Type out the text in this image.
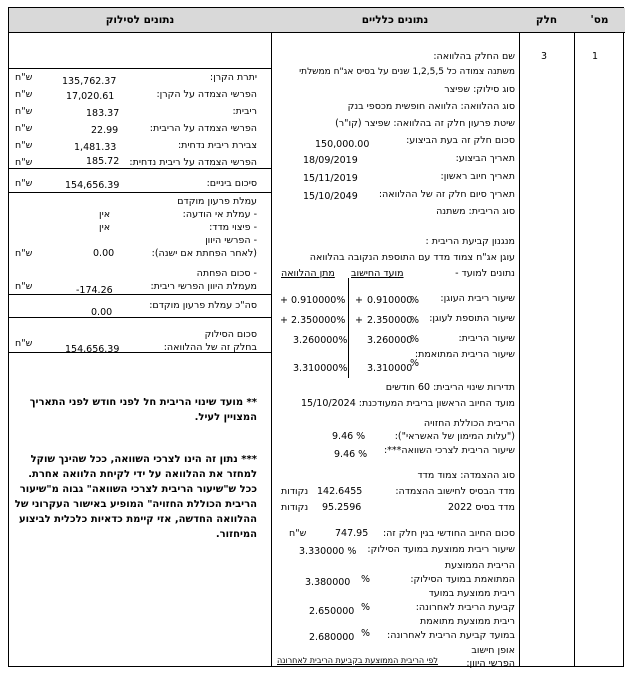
מס'
חלק
נתונים כלליים
נתונים לסילוק
1
3
שם החלק בהלוואה:
משתנה צמודה כל 1,2,5,5 שנים על בסיס אג"ח ממשלתי
סוג סילוק: שפיצר
סוג ההלוואה: הלוואה חופשית מכספי בנק
שיטת פרעון חלק זה בהלוואה: שפיצר (קו"ר)
סכום חלק זה בעת הביצוע:
150,000.00
תאריך הביצוע:
18/09/2019
תאריך חיוב ראשון:
15/11/2019
תאריך סיום חלק זה של ההלוואה:
15/10/2049
סוג הריבית: משתנה
מנגנון קביעת הריבית :
עוגן אג"ח צמוד מדד עם התוספת הנקובה בהלוואה
נתונים למועד -
מועד החישוב
מתן ההלוואה
שיעור ריבית העוגן:
%
0.910000
+
0.910000%
+
שיעור התוספת לעוגן:
%
2.350000
+
2.350000%
+
שיעור הריבית:
%
3.260000
3.260000%
שיעור הריבית המתואמת:
%
3.310000
3.310000%
תדירות שינוי הריבית: 60 חודשים
מועד החיוב הראשון בריבית המעודכנת: 15/10/2024
הריבית הכוללת החזויה
("עלות המימון של האשראי"):
9.46 %
שיעור הריבית לצרכי השוואה***:
9.46 %
סוג ההצמדה: צמוד מדד
מדד הבסיס לחישוב ההצמדה:
142.6455
נקודות
מדד בסיס 2022
95.2596
נקודות
סכום החיוב החודשי בגין חלק זה:
747.95
ש"ח
שיעור ריבית ממוצעת במועד הסילוק:
3.330000 %
הריבית הממוצעת
המתואמת במועד הסילוק:
%
3.380000
ריבית ממוצעת במועד
קביעת הריבית לאחרונה:
%
2.650000
ריבית ממוצעת מתואמת
במועד קביעת הריבית לאחרונה:
%
2.680000
אופן חישוב
הפרשי היוון:
לפי הריבית הממוצעת בקביעת הריבית לאחרונה
יתרת הקרן:
135,762.37
ש"ח
הפרשי הצמדה על הקרן:
17,020.61
ש"ח
ריבית:
183.37
ש"ח
הפרשי הצמדה על הריבית:
22.99
ש"ח
צבירת ריבית נדחית:
1,481.33
ש"ח
הפרשי הצמדה על ריבית נדחית:
185.72
ש"ח
סיכום ביניים:
154,656.39
ש"ח
עמלת פרעון מוקדם
- עמלת אי הודעה:
אין
- פיצוי מדד:
אין
- הפרשי היוון
(לאחר הפחתת אם ישנה):
0.00
ש"ח
- סכום הפחתה
מעמלת היוון הפרשי ריבית:
-174.26
ש"ח
סה"כ עמלת פרעון מוקדם:
0.00
סכום הסילוק
בחלק זה של ההלוואה:
154,656.39
ש"ח
** מועד שינוי הריבית חל לפני חודש לפני התאריך המצויין לעיל.
*** נתון זה הינו לצרכי השוואה, ככל שהינך שוקל למחזר את ההלוואה על ידי לקיחת הלוואה אחרת. ככל ש"שיעור הריבית לצרכי השוואה" גבוה מ"שיעור הריבית הכוללת החזויה" המופיע באישור העקרוני של ההלוואה החדשה, אזי קיימת כדאיות כלכלית לביצוע המיחזור.
